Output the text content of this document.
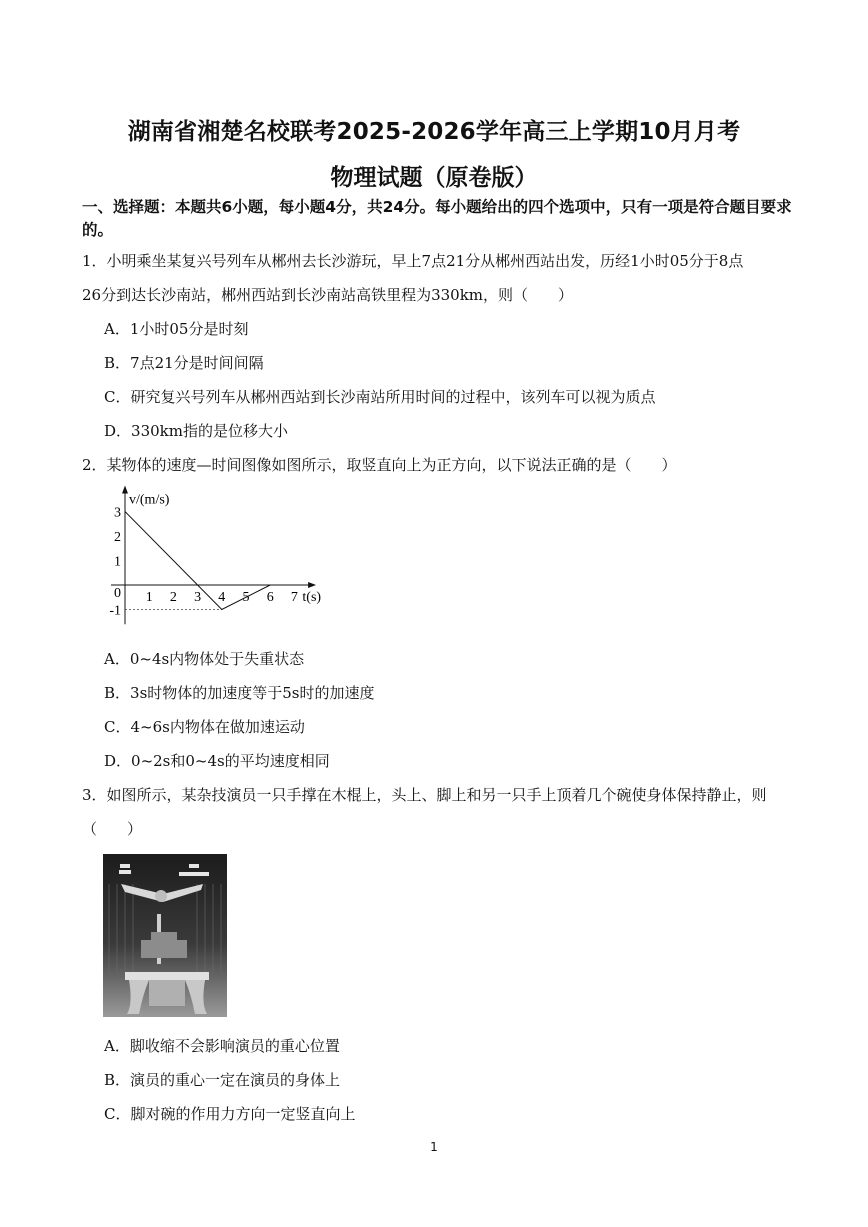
湖南省湘楚名校联考2025-2026学年高三上学期10月月考
物理试题（原卷版）
一、选择题：本题共6小题，每小题4分，共24分。每小题给出的四个选项中，只有一项是符合题目要求的。
1．小明乘坐某复兴号列车从郴州去长沙游玩，早上7点21分从郴州西站出发，历经1小时05分于8点
26分到达长沙南站，郴州西站到长沙南站高铁里程为330km，则（　　）
A．1小时05分是时刻
B．7点21分是时间间隔
C．研究复兴号列车从郴州西站到长沙南站所用时间的过程中，该列车可以视为质点
D．330km指的是位移大小
2．某物体的速度—时间图像如图所示，取竖直向上为正方向，以下说法正确的是（　　）
1 2 3 4 5 6 7
3
2
1
0
-1
v/(m/s)
t(s)
A．0~4s内物体处于失重状态
B．3s时物体的加速度等于5s时的加速度
C．4~6s内物体在做加速运动
D．0~2s和0~4s的平均速度相同
3．如图所示，某杂技演员一只手撑在木棍上，头上、脚上和另一只手上顶着几个碗使身体保持静止，则
（　　）
A．脚收缩不会影响演员的重心位置
B．演员的重心一定在演员的身体上
C．脚对碗的作用力方向一定竖直向上
1
